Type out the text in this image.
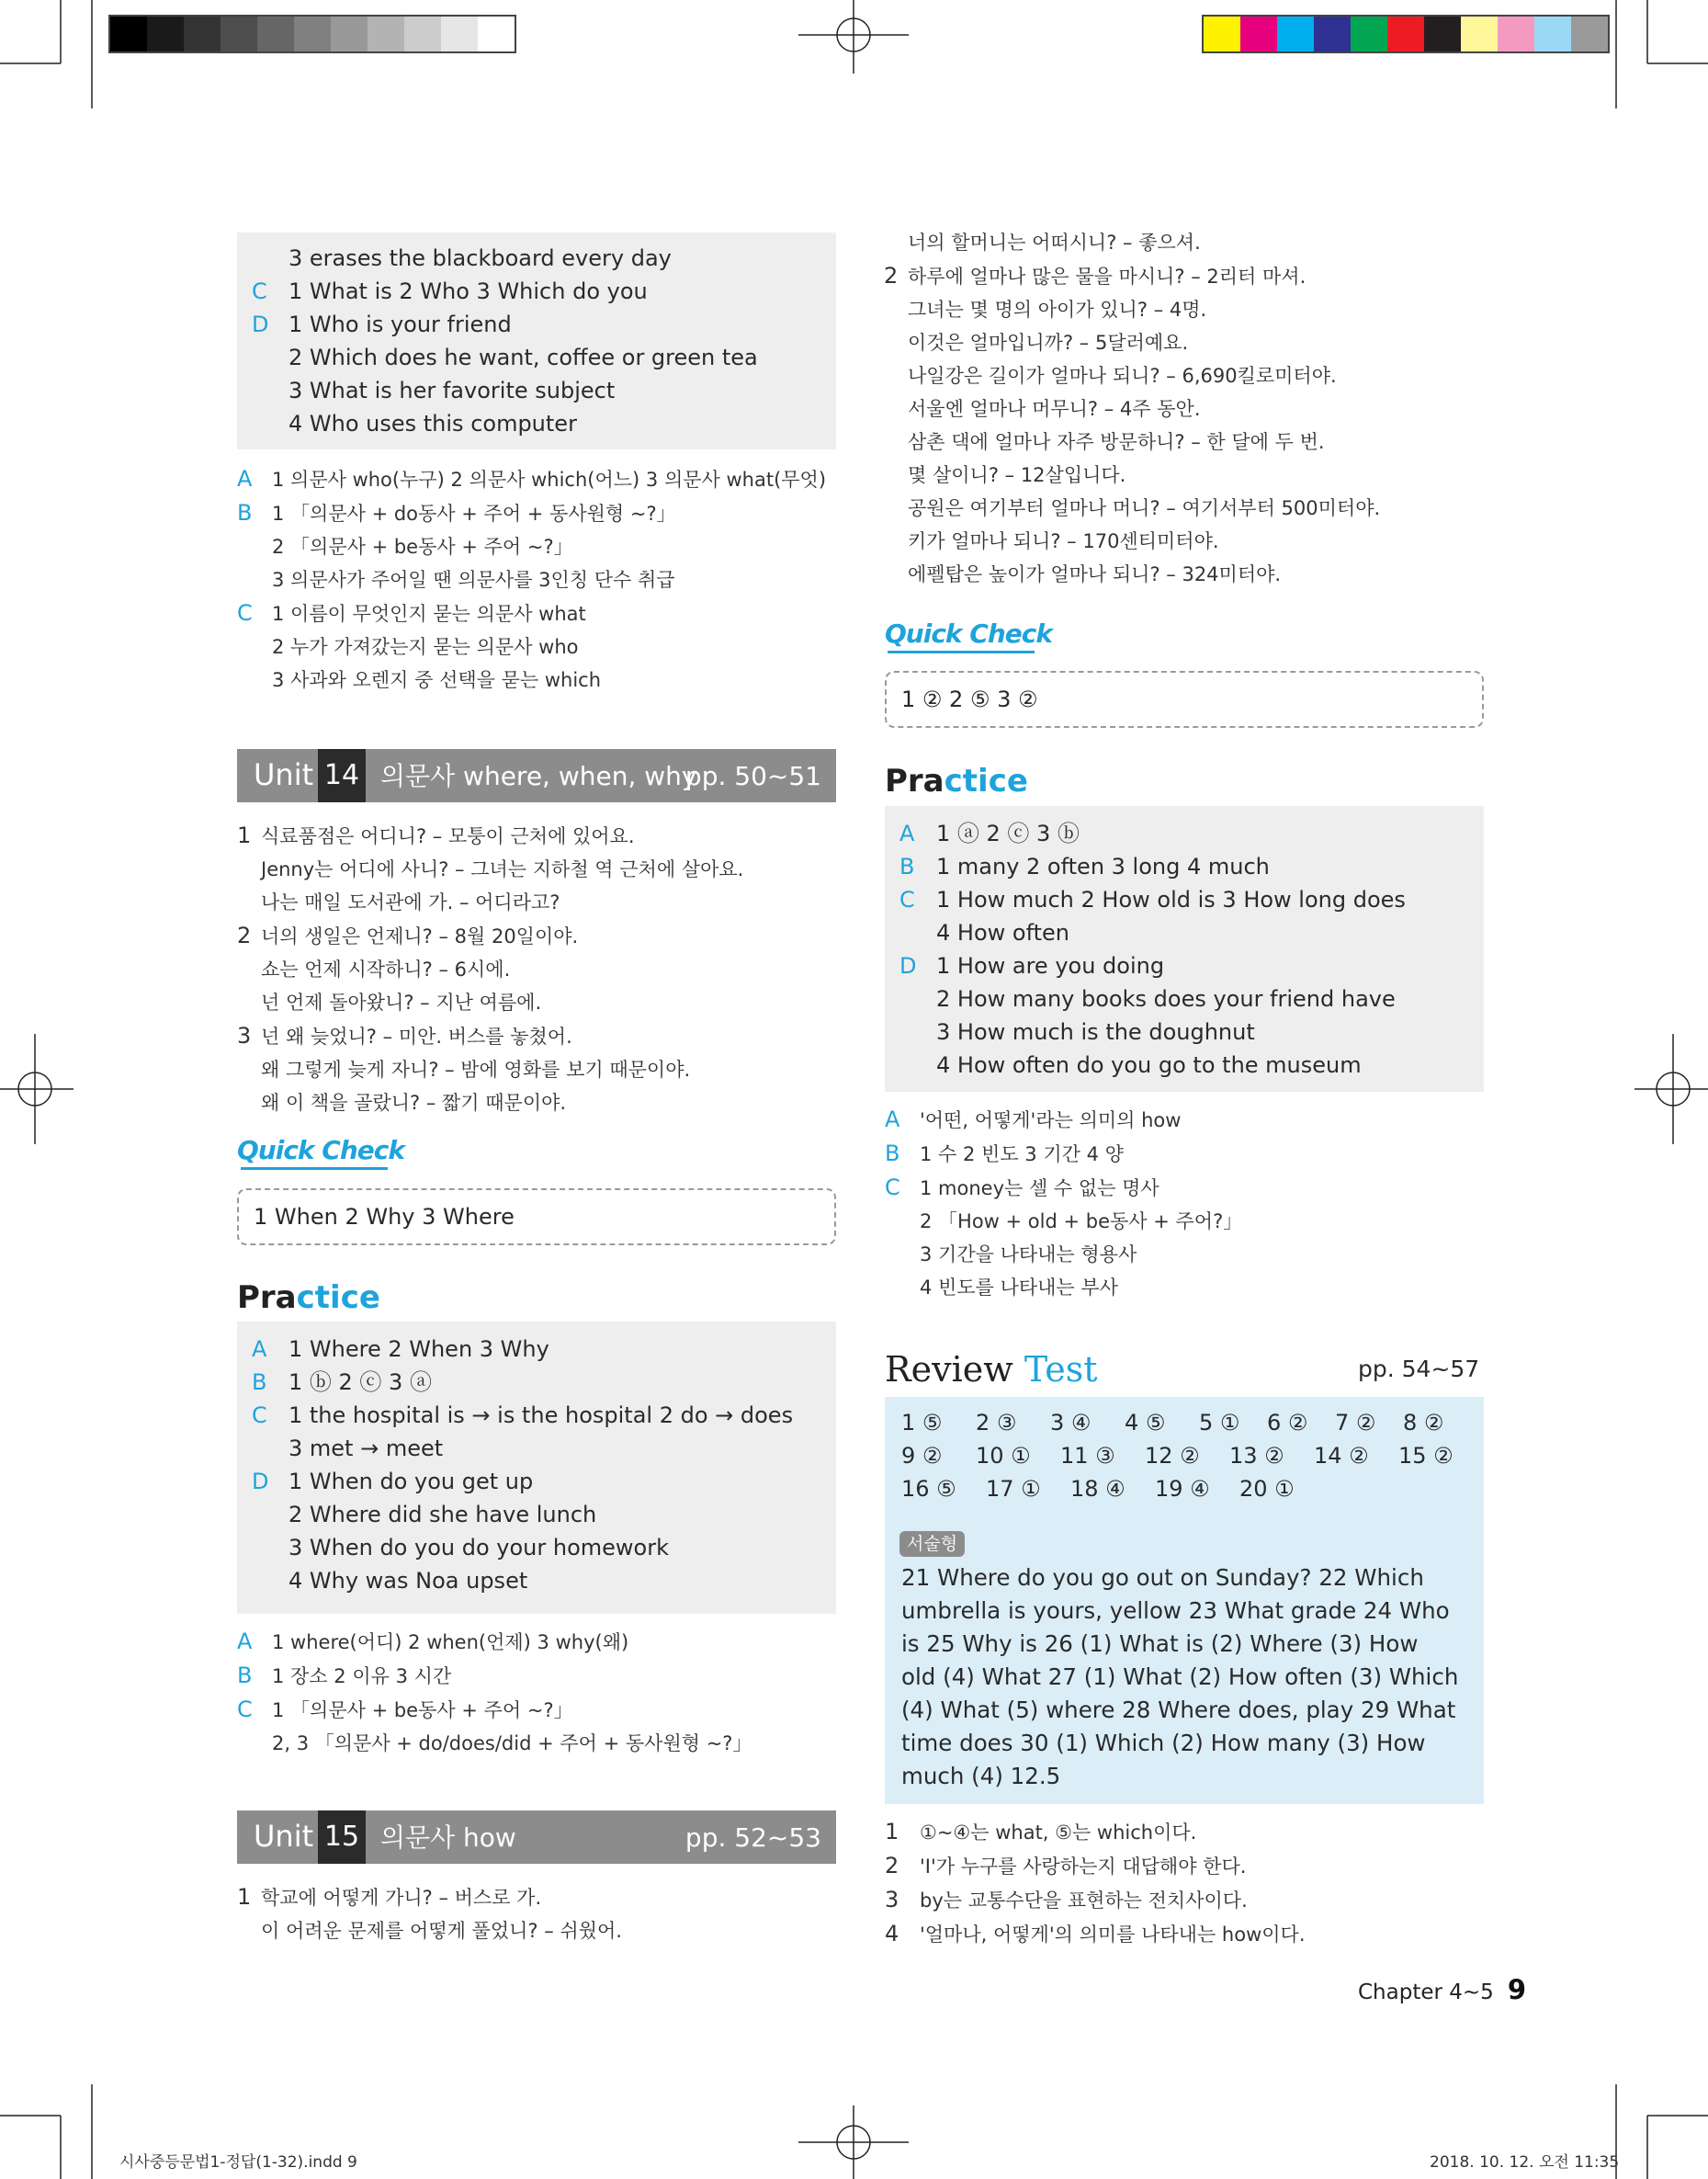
3 erases the blackboard every day
C 1 What is 2 Who 3 Which do you
D 1 Who is your friend
2 Which does he want, coffee or green tea
3 What is her favorite subject
4 Who uses this computer
A 1 의문사 who(누구) 2 의문사 which(어느) 3 의문사 what(무엇)
B 1 「의문사 + do동사 + 주어 + 동사원형 ~?」
2 「의문사 + be동사 + 주어 ~?」
3 의문사가 주어일 땐 의문사를 3인칭 단수 취급
C 1 이름이 무엇인지 묻는 의문사 what
2 누가 가져갔는지 묻는 의문사 who
3 사과와 오렌지 중 선택을 묻는 which
Unit 14 의문사 where, when, why
pp. 50~51
1 식료품점은 어디니? – 모퉁이 근처에 있어요.
Jenny는 어디에 사니? – 그녀는 지하철 역 근처에 살아요.
나는 매일 도서관에 가. – 어디라고?
2 너의 생일은 언제니? – 8월 20일이야.
쇼는 언제 시작하니? – 6시에.
넌 언제 돌아왔니? – 지난 여름에.
3 넌 왜 늦었니? – 미안. 버스를 놓쳤어.
왜 그렇게 늦게 자니? – 밤에 영화를 보기 때문이야.
왜 이 책을 골랐니? – 짧기 때문이야.
Quick Check
1 When 2 Why 3 Where
Practice
A 1 Where 2 When 3 Why
B 1 ⓑ 2 ⓒ 3 ⓐ
C 1 the hospital is → is the hospital 2 do → does
3 met → meet
D 1 When do you get up
2 Where did she have lunch
3 When do you do your homework
4 Why was Noa upset
A 1 where(어디) 2 when(언제) 3 why(왜)
B 1 장소 2 이유 3 시간
C 1 「의문사 + be동사 + 주어 ~?」
2, 3 「의문사 + do/does/did + 주어 + 동사원형 ~?」
Unit 15 의문사 how	pp. 52~53
1 학교에 어떻게 가니? – 버스로 가.
이 어려운 문제를 어떻게 풀었니? – 쉬웠어.
너의 할머니는 어떠시니? – 좋으셔.
2 하루에 얼마나 많은 물을 마시니? – 2리터 마셔.
그녀는 몇 명의 아이가 있니? – 4명.
이것은 얼마입니까? – 5달러예요.
나일강은 길이가 얼마나 되니? – 6,690킬로미터야.
서울엔 얼마나 머무니? – 4주 동안.
삼촌 댁에 얼마나 자주 방문하니? – 한 달에 두 번.
몇 살이니? – 12살입니다.
공원은 여기부터 얼마나 머니? – 여기서부터 500미터야.
키가 얼마나 되니? – 170센티미터야.
에펠탑은 높이가 얼마나 되니? – 324미터야.
Quick Check
1 ② 2 ⑤ 3 ②
Practice
A 1 ⓐ 2 ⓒ 3 ⓑ
B 1 many 2 often 3 long 4 much
C 1 How much 2 How old is 3 How long does
4 How often
D 1 How are you doing
2 How many books does your friend have
3 How much is the doughnut
4 How often do you go to the museum
A '어떤, 어떻게'라는 의미의 how
B 1 수 2 빈도 3 기간 4 양
C 1 money는 셀 수 없는 명사
2 「How + old + be동사 + 주어?」
3 기간을 나타내는 형용사
4 빈도를 나타내는 부사
Review Test	pp. 54~57
1 ⑤	2 ③	3 ④	4 ⑤	5 ①	6 ②	7 ②	8 ②
9 ②	10 ①	11 ③	12 ②	13 ②	14 ②	15 ②
16 ⑤	17 ①	18 ④	19 ④	20 ①
서술형
21 Where do you go out on Sunday? 22 Which
umbrella is yours, yellow 23 What grade 24 Who
is 25 Why is 26 (1) What is (2) Where (3) How
old (4) What 27 (1) What (2) How often (3) Which
(4) What (5) where 28 Where does, play 29 What
time does 30 (1) Which (2) How many (3) How
much (4) 12.5
1 ①~④는 what, ⑤는 which이다.
2 'I'가 누구를 사랑하는지 대답해야 한다.
3 by는 교통수단을 표현하는 전치사이다.
4 '얼마나, 어떻게'의 의미를 나타내는 how이다.
Chapter 4~5 9
시사중등문법1-정답(1-32).indd 9	2018. 10. 12. 오전 11:35
